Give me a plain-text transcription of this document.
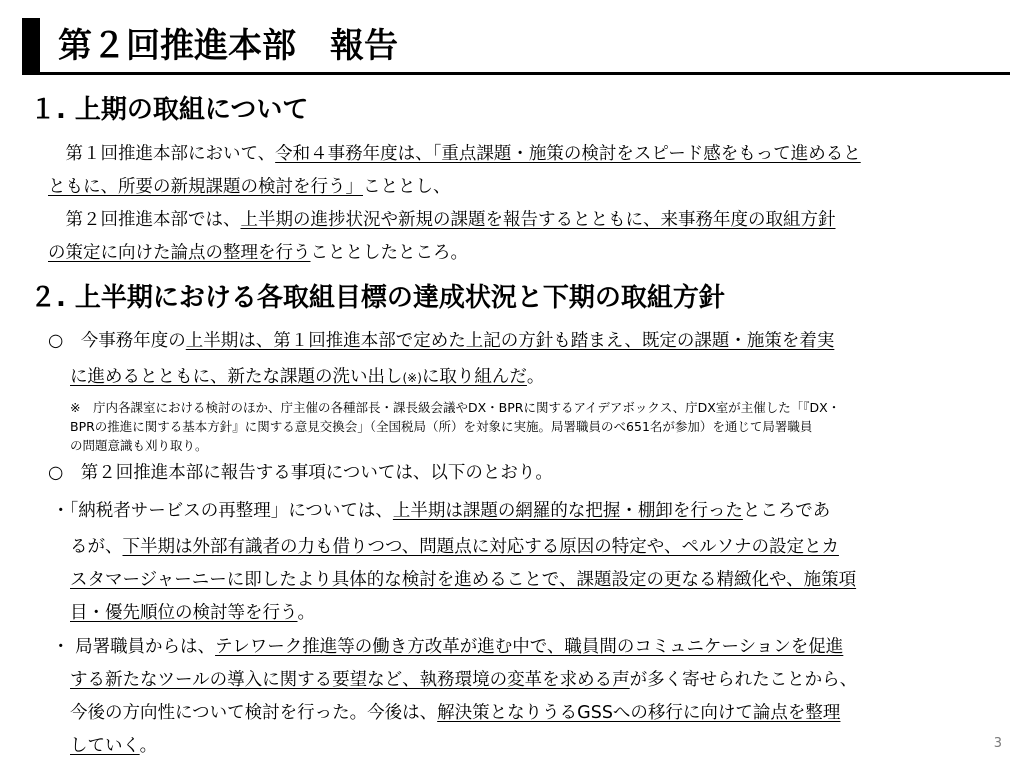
第２回推進本部　報告
１. 上期の取組について
　第１回推進本部において、令和４事務年度は、「重点課題・施策の検討をスピード感をもって進めると
ともに、所要の新規課題の検討を行う」こととし、
　第２回推進本部では、上半期の進捗状況や新規の課題を報告するとともに、来事務年度の取組方針
の策定に向けた論点の整理を行うこととしたところ。
２. 上半期における各取組目標の達成状況と下期の取組方針
○　今事務年度の上半期は、第１回推進本部で定めた上記の方針も踏まえ、既定の課題・施策を着実
に進めるとともに、新たな課題の洗い出し(※)に取り組んだ。
※　庁内各課室における検討のほか、庁主催の各種部長・課長級会議やDX・BPRに関するアイデアボックス、庁DX室が主催した「『DX・
BPRの推進に関する基本方針』に関する意見交換会」（全国税局（所）を対象に実施。局署職員のべ651名が参加）を通じて局署職員
の問題意識も刈り取り。
○　第２回推進本部に報告する事項については、以下のとおり。
・「納税者サービスの再整理」については、上半期は課題の網羅的な把握・棚卸を行ったところであ
るが、下半期は外部有識者の力も借りつつ、問題点に対応する原因の特定や、ペルソナの設定とカ
スタマージャーニーに即したより具体的な検討を進めることで、課題設定の更なる精緻化や、施策項
目・優先順位の検討等を行う。
・ 局署職員からは、テレワーク推進等の働き方改革が進む中で、職員間のコミュニケーションを促進
する新たなツールの導入に関する要望など、執務環境の変革を求める声が多く寄せられたことから、
今後の方向性について検討を行った。今後は、解決策となりうるGSSへの移行に向けて論点を整理
していく。	3
